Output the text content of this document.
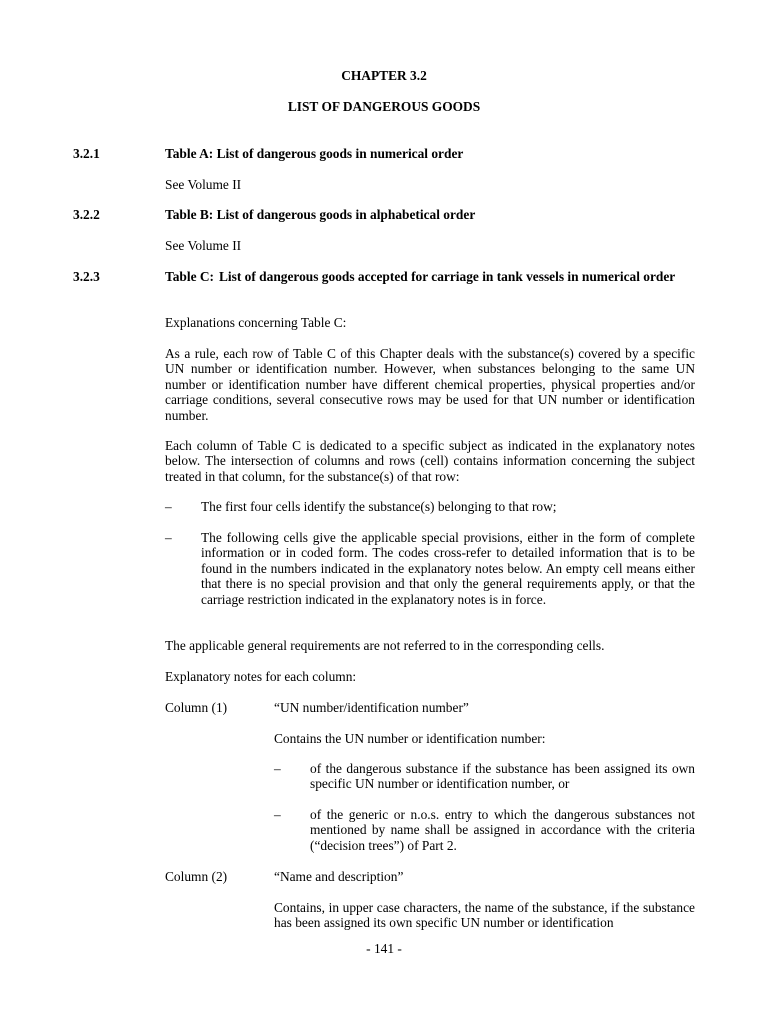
CHAPTER 3.2
LIST OF DANGEROUS GOODS
3.2.1	Table A: List of dangerous goods in numerical order
See Volume II
3.2.2	Table B: List of dangerous goods in alphabetical order
See Volume II
3.2.3	Table C: List of dangerous goods accepted for carriage in tank vessels in numerical order
Explanations concerning Table C:
As a rule, each row of Table C of this Chapter deals with the substance(s) covered by a specific UN number or identification number. However, when substances belonging to the same UN number or identification number have different chemical properties, physical properties and/or carriage conditions, several consecutive rows may be used for that UN number or identification number.
Each column of Table C is dedicated to a specific subject as indicated in the explanatory notes below. The intersection of columns and rows (cell) contains information concerning the subject treated in that column, for the substance(s) of that row:
– The first four cells identify the substance(s) belonging to that row;
– The following cells give the applicable special provisions, either in the form of complete information or in coded form. The codes cross-refer to detailed information that is to be found in the numbers indicated in the explanatory notes below. An empty cell means either that there is no special provision and that only the general requirements apply, or that the carriage restriction indicated in the explanatory notes is in force.
The applicable general requirements are not referred to in the corresponding cells.
Explanatory notes for each column:
Column (1)	“UN number/identification number”
Contains the UN number or identification number:
– of the dangerous substance if the substance has been assigned its own specific UN number or identification number, or
– of the generic or n.o.s. entry to which the dangerous substances not mentioned by name shall be assigned in accordance with the criteria (“decision trees”) of Part 2.
Column (2)	“Name and description”
Contains, in upper case characters, the name of the substance, if the substance has been assigned its own specific UN number or identification
- 141 -
